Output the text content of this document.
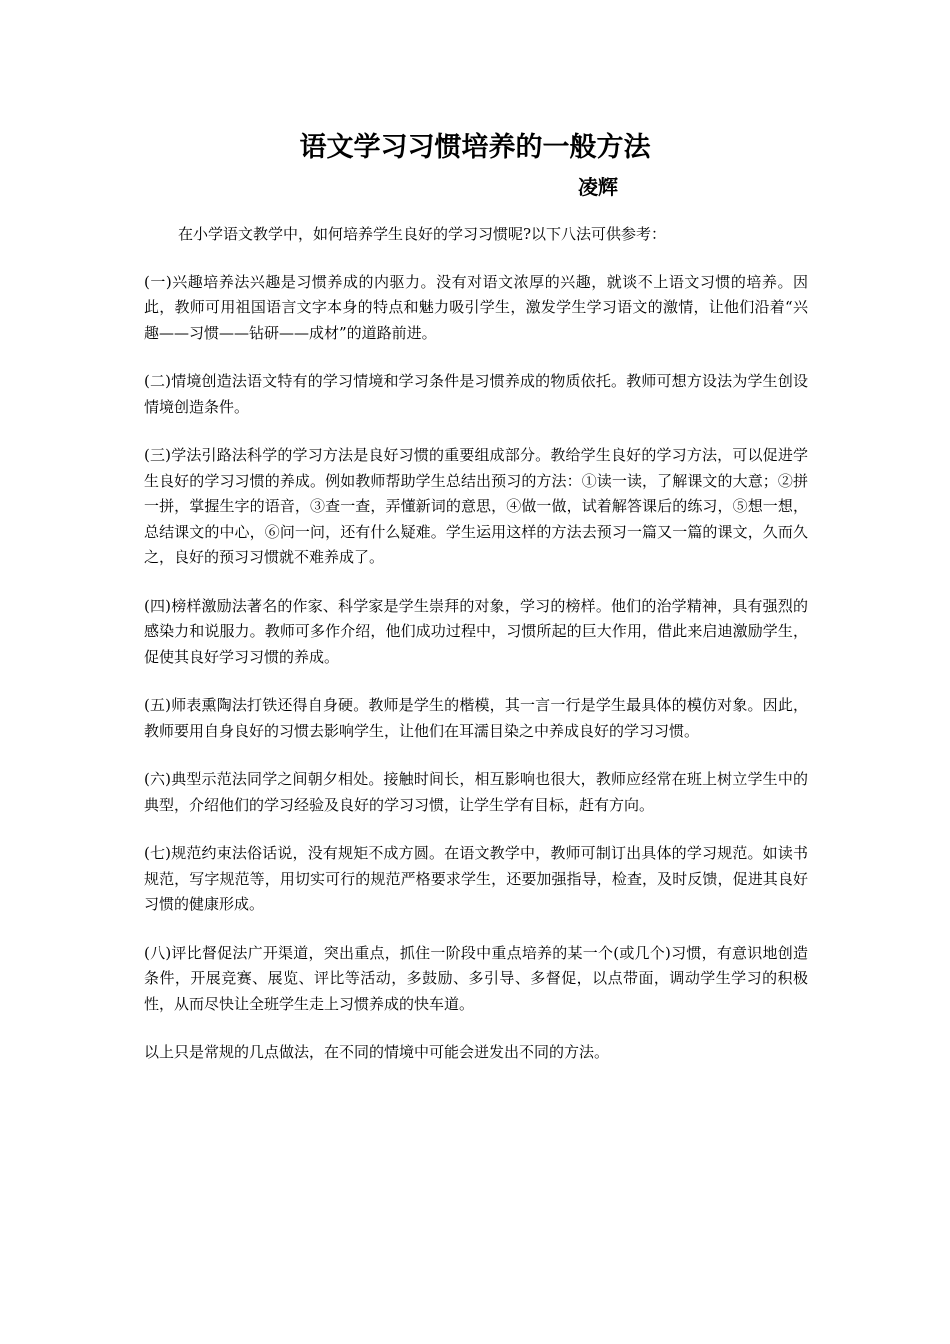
语文学习习惯培养的一般方法
凌辉

在小学语文教学中，如何培养学生良好的学习习惯呢?以下八法可供参考：

(一)兴趣培养法兴趣是习惯养成的内驱力。没有对语文浓厚的兴趣，就谈不上语文习惯的培养。因此，教师可用祖国语言文字本身的特点和魅力吸引学生，激发学生学习语文的激情，让他们沿着“兴趣——习惯——钻研——成材”的道路前进。

(二)情境创造法语文特有的学习情境和学习条件是习惯养成的物质依托。教师可想方设法为学生创设情境创造条件。

(三)学法引路法科学的学习方法是良好习惯的重要组成部分。教给学生良好的学习方法，可以促进学生良好的学习习惯的养成。例如教师帮助学生总结出预习的方法：①读一读，了解课文的大意；②拼一拼，掌握生字的语音，③查一查，弄懂新词的意思，④做一做，试着解答课后的练习，⑤想一想，总结课文的中心，⑥问一问，还有什么疑难。学生运用这样的方法去预习一篇又一篇的课文，久而久之，良好的预习习惯就不难养成了。

(四)榜样激励法著名的作家、科学家是学生崇拜的对象，学习的榜样。他们的治学精神，具有强烈的感染力和说服力。教师可多作介绍，他们成功过程中，习惯所起的巨大作用，借此来启迪激励学生，促使其良好学习习惯的养成。

(五)师表熏陶法打铁还得自身硬。教师是学生的楷模，其一言一行是学生最具体的模仿对象。因此，教师要用自身良好的习惯去影响学生，让他们在耳濡目染之中养成良好的学习习惯。

(六)典型示范法同学之间朝夕相处。接触时间长，相互影响也很大，教师应经常在班上树立学生中的典型，介绍他们的学习经验及良好的学习习惯，让学生学有目标，赶有方向。

(七)规范约束法俗话说，没有规矩不成方圆。在语文教学中，教师可制订出具体的学习规范。如读书规范，写字规范等，用切实可行的规范严格要求学生，还要加强指导，检查，及时反馈，促进其良好习惯的健康形成。

(八)评比督促法广开渠道，突出重点，抓住一阶段中重点培养的某一个(或几个)习惯，有意识地创造条件，开展竞赛、展览、评比等活动，多鼓励、多引导、多督促，以点带面，调动学生学习的积极性，从而尽快让全班学生走上习惯养成的快车道。

以上只是常规的几点做法，在不同的情境中可能会迸发出不同的方法。
